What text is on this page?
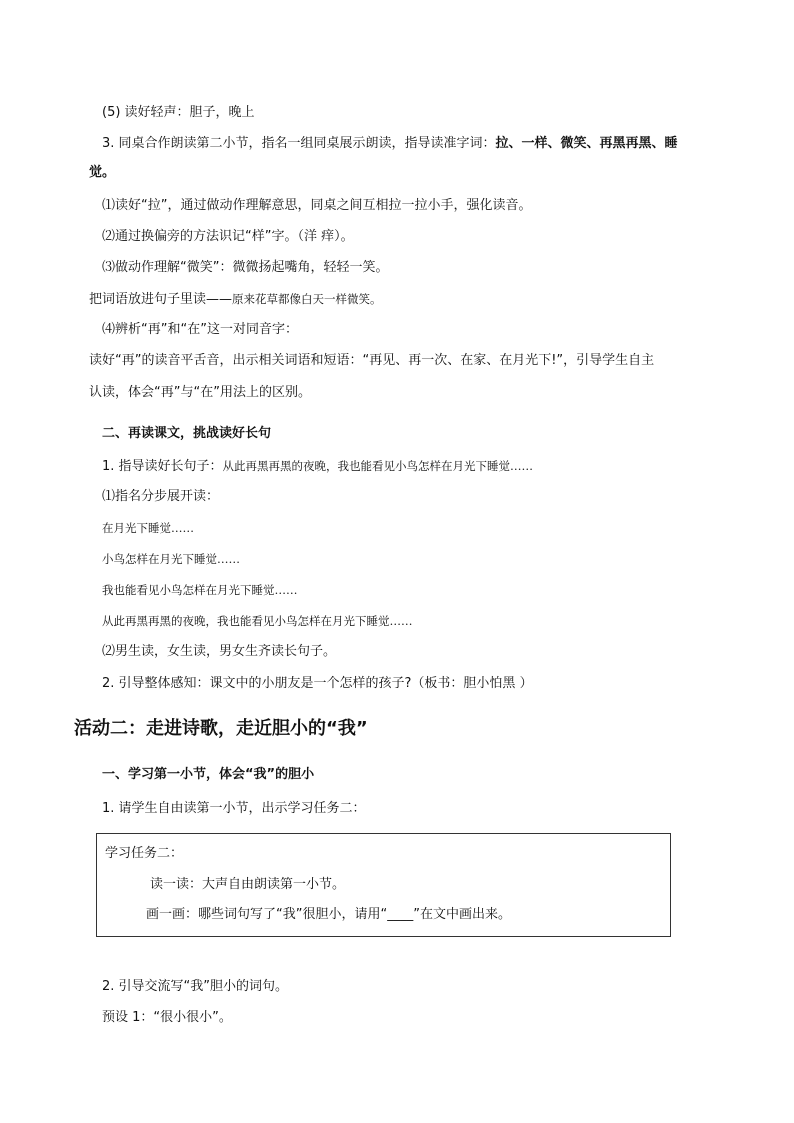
(5) 读好轻声：胆子，晚上
3. 同桌合作朗读第二小节，指名一组同桌展示朗读，指导读准字词：拉、一样、微笑、再黑再黑、睡
觉。
⑴读好“拉”，通过做动作理解意思，同桌之间互相拉一拉小手，强化读音。
⑵通过换偏旁的方法识记“样”字。（洋 痒）。
⑶做动作理解“微笑”：微微扬起嘴角，轻轻一笑。
把词语放进句子里读——原来花草都像白天一样微笑。
⑷辨析“再”和“在”这一对同音字：
读好“再”的读音平舌音，出示相关词语和短语：“再见、再一次、在家、在月光下!”，引导学生自主
认读，体会“再”与“在”用法上的区别。
二、再读课文，挑战读好长句
1. 指导读好长句子：从此再黑再黑的夜晚，我也能看见小鸟怎样在月光下睡觉……
⑴指名分步展开读：
在月光下睡觉……
小鸟怎样在月光下睡觉……
我也能看见小鸟怎样在月光下睡觉……
从此再黑再黑的夜晚，我也能看见小鸟怎样在月光下睡觉……
⑵男生读，女生读，男女生齐读长句子。
2. 引导整体感知：课文中的小朋友是一个怎样的孩子?（板书：胆小怕黑 ）
活动二：走进诗歌，走近胆小的“我”
一、学习第一小节，体会“我”的胆小
1. 请学生自由读第一小节，出示学习任务二：
学习任务二：
读一读：大声自由朗读第一小节。
画一画：哪些词句写了“我”很胆小，请用“____”在文中画出来。
2. 引导交流写“我”胆小的词句。
预设 1：“很小很小”。
